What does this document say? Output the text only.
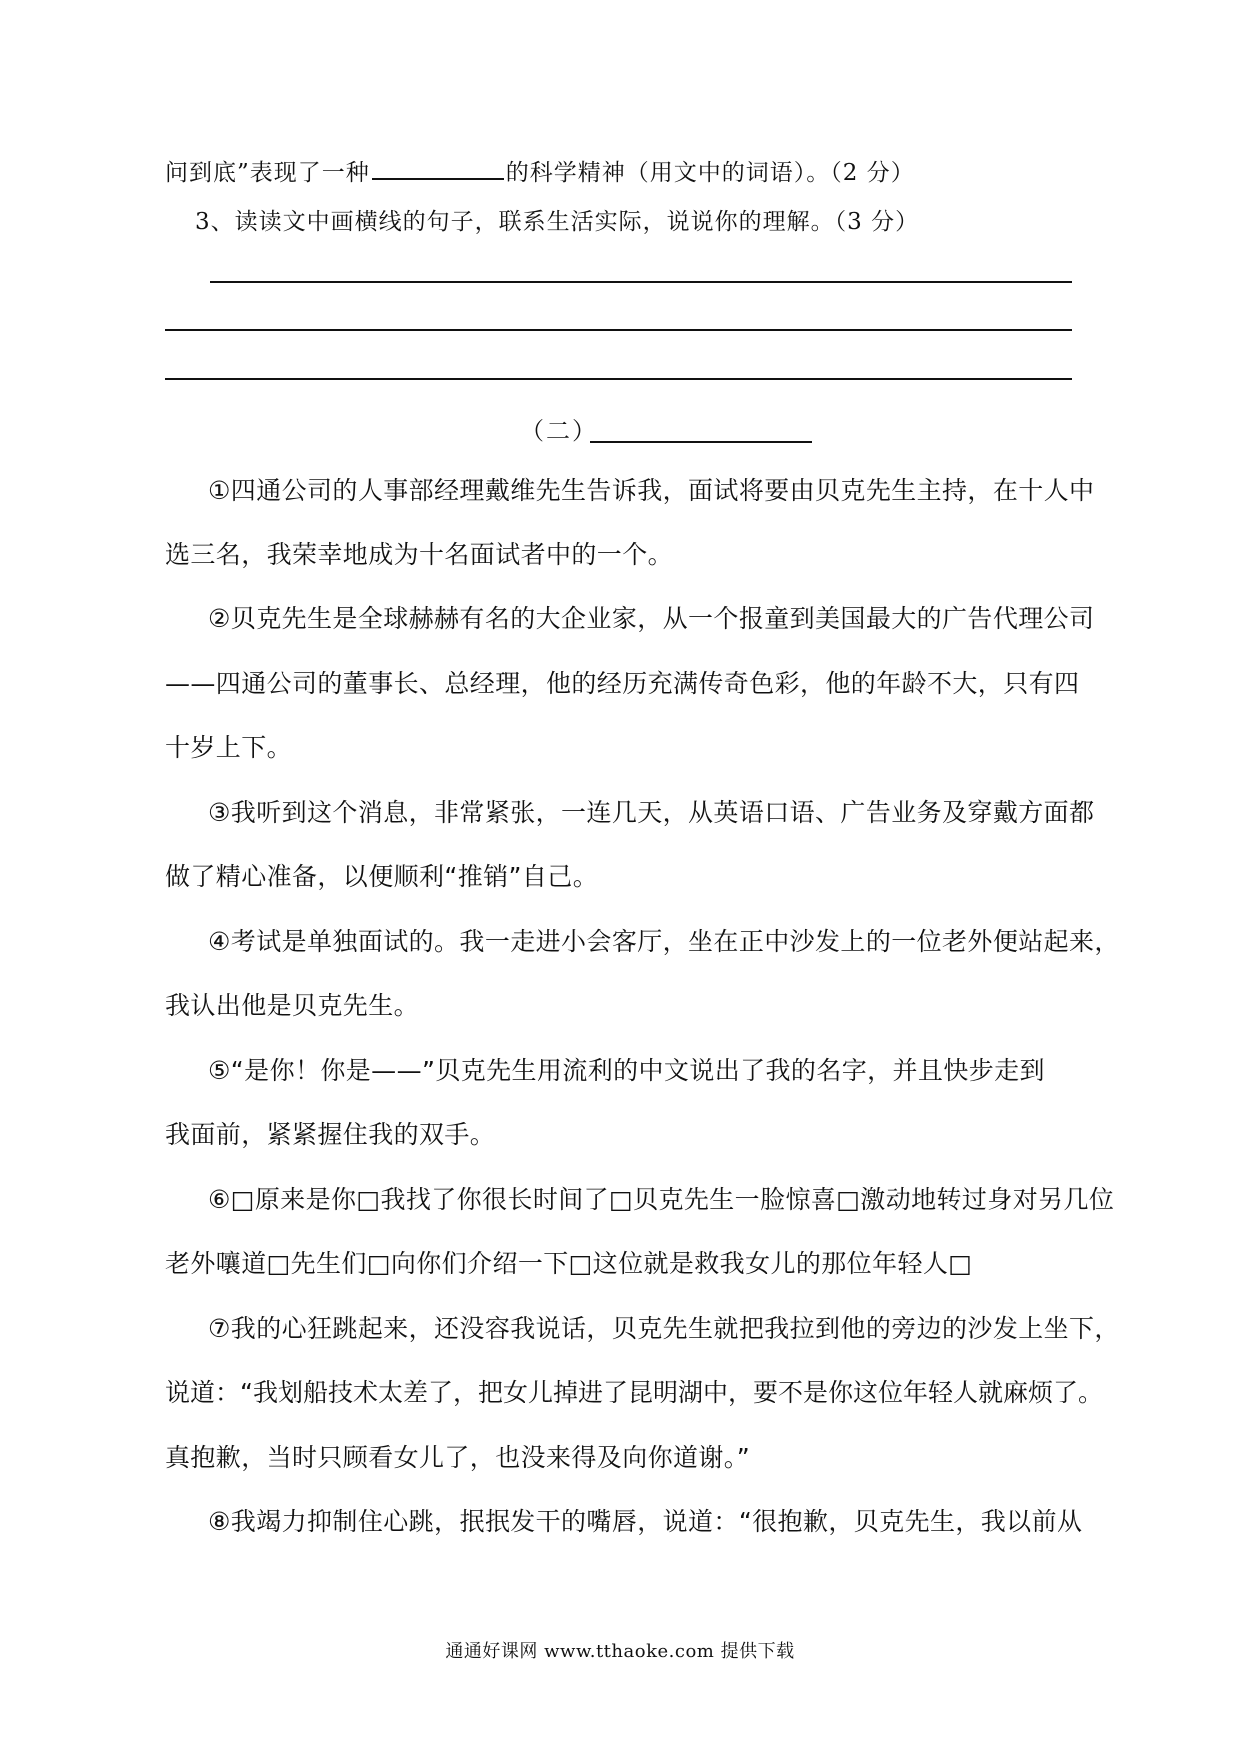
问到底”表现了一种	的科学精神（用文中的词语）。（2 分）
3、读读文中画横线的句子，联系生活实际，说说你的理解。（3 分）
（二）
①四通公司的人事部经理戴维先生告诉我，面试将要由贝克先生主持，在十人中
选三名，我荣幸地成为十名面试者中的一个。
②贝克先生是全球赫赫有名的大企业家，从一个报童到美国最大的广告代理公司
——四通公司的董事长、总经理，他的经历充满传奇色彩，他的年龄不大，只有四
十岁上下。
③我听到这个消息，非常紧张，一连几天，从英语口语、广告业务及穿戴方面都
做了精心准备，以便顺利“推销”自己。
④考试是单独面试的。我一走进小会客厅，坐在正中沙发上的一位老外便站起来，
我认出他是贝克先生。
⑤“是你！你是——”贝克先生用流利的中文说出了我的名字，并且快步走到
我面前，紧紧握住我的双手。
⑥□原来是你□我找了你很长时间了□贝克先生一脸惊喜□激动地转过身对另几位
老外嚷道□先生们□向你们介绍一下□这位就是救我女儿的那位年轻人□
⑦我的心狂跳起来，还没容我说话，贝克先生就把我拉到他的旁边的沙发上坐下，
说道：“我划船技术太差了，把女儿掉进了昆明湖中，要不是你这位年轻人就麻烦了。
真抱歉，当时只顾看女儿了，也没来得及向你道谢。”
⑧我竭力抑制住心跳，抿抿发干的嘴唇，说道：“很抱歉，贝克先生，我以前从
通通好课网 www.tthaoke.com 提供下载
